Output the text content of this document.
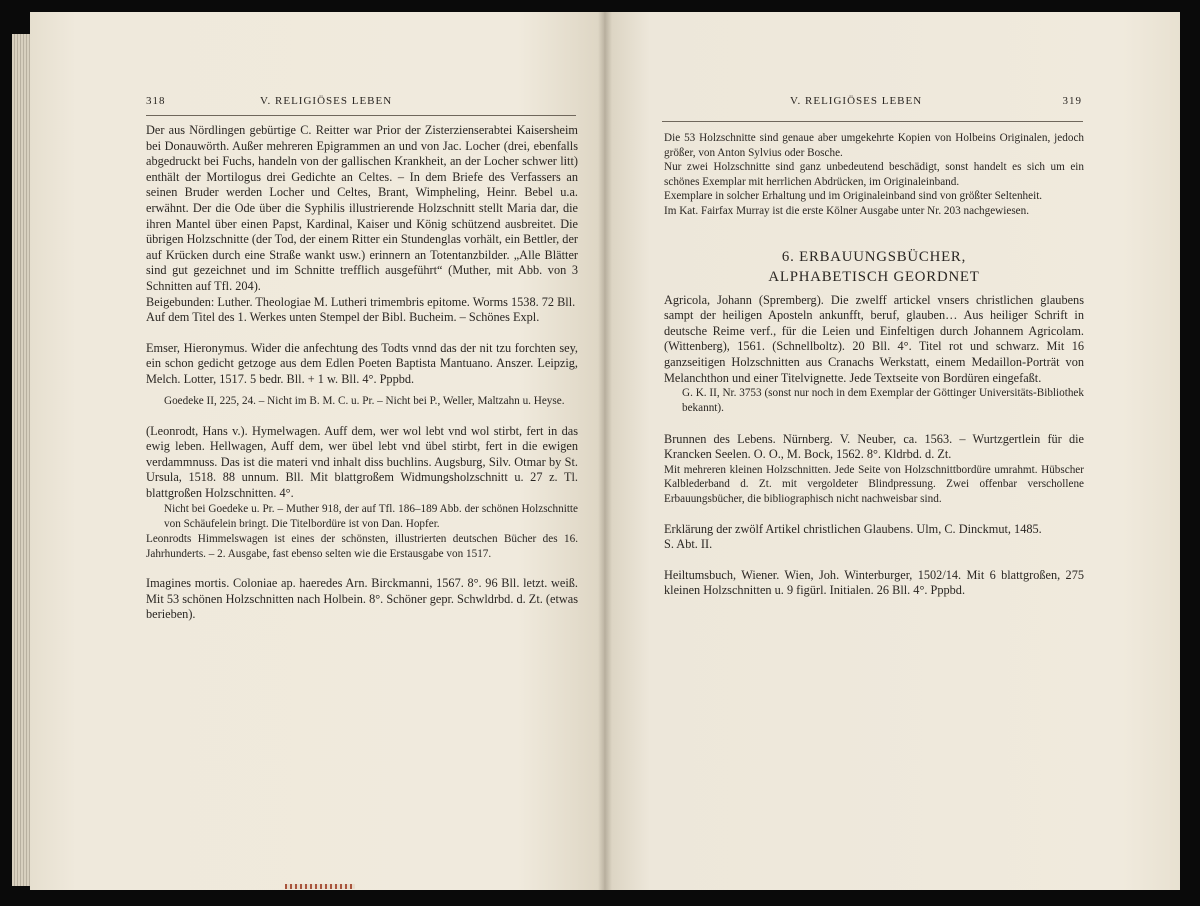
318	V. RELIGIÖSES LEBEN	V. RELIGIÖSES LEBEN	319

Der aus Nördlingen gebürtige C. Reitter war Prior der Zisterzienserabtei Kaisersheim bei Donauwörth. Außer mehreren Epigrammen an und von Jac. Locher (drei, ebenfalls abgedruckt bei Fuchs, handeln von der gallischen Krankheit, an der Locher schwer litt) enthält der Mortilogus drei Gedichte an Celtes. – In dem Briefe des Verfassers an seinen Bruder werden Locher und Celtes, Brant, Wimpheling, Heinr. Bebel u.a. erwähnt. Der die Ode über die Syphilis illustrierende Holzschnitt stellt Maria dar, die ihren Mantel über einen Papst, Kardinal, Kaiser und König schützend ausbreitet. Die übrigen Holzschnitte (der Tod, der einem Ritter ein Stundenglas vorhält, ein Bettler, der auf Krücken durch eine Straße wankt usw.) erinnern an Totentanzbilder. „Alle Blätter sind gut gezeichnet und im Schnitte trefflich ausgeführt“ (Muther, mit Abb. von 3 Schnitten auf Tfl. 204).

Beigebunden: Luther. Theologiae M. Lutheri trimembris epitome. Worms 1538. 72 Bll.

Auf dem Titel des 1. Werkes unten Stempel der Bibl. Bucheim. – Schönes Expl.

Emser, Hieronymus. Wider die anfechtung des Todts vnnd das der nit tzu forchten sey, ein schon gedicht getzoge aus dem Edlen Poeten Baptista Mantuano. Anszer. Leipzig, Melch. Lotter, 1517. 5 bedr. Bll. + 1 w. Bll. 4°. Pppbd.

Goedeke II, 225, 24. – Nicht im B. M. C. u. Pr. – Nicht bei P., Weller, Maltzahn u. Heyse.

(Leonrodt, Hans v.). Hymelwagen. Auff dem, wer wol lebt vnd wol stirbt, fert in das ewig leben. Hellwagen, Auff dem, wer übel lebt vnd übel stirbt, fert in die ewigen verdammnuss. Das ist die materi vnd inhalt diss buchlins. Augsburg, Silv. Otmar by St. Ursula, 1518. 88 unnum. Bll. Mit blattgroßem Widmungsholzschnitt u. 27 z. Tl. blattgroßen Holzschnitten. 4°.

Nicht bei Goedeke u. Pr. – Muther 918, der auf Tfl. 186–189 Abb. der schönen Holzschnitte von Schäufelein bringt. Die Titelbordüre ist von Dan. Hopfer.

Leonrodts Himmelswagen ist eines der schönsten, illustrierten deutschen Bücher des 16. Jahrhunderts. – 2. Ausgabe, fast ebenso selten wie die Erstausgabe von 1517.

Imagines mortis. Coloniae ap. haeredes Arn. Birckmanni, 1567. 8°. 96 Bll. letzt. weiß. Mit 53 schönen Holzschnitten nach Holbein. 8°. Schöner gepr. Schwldrbd. d. Zt. (etwas berieben).

Die 53 Holzschnitte sind genaue aber umgekehrte Kopien von Holbeins Originalen, jedoch größer, von Anton Sylvius oder Bosche.

Nur zwei Holzschnitte sind ganz unbedeutend beschädigt, sonst handelt es sich um ein schönes Exemplar mit herrlichen Abdrücken, im Originaleinband.

Exemplare in solcher Erhaltung und im Originaleinband sind von größter Seltenheit.

Im Kat. Fairfax Murray ist die erste Kölner Ausgabe unter Nr. 203 nachgewiesen.

6. ERBAUUNGSBÜCHER,

ALPHABETISCH GEORDNET

Agricola, Johann (Spremberg). Die zwelff artickel vnsers christlichen glaubens sampt der heiligen Aposteln ankunfft, beruf, glauben… Aus heiliger Schrift in deutsche Reime verf., für die Leien und Einfeltigen durch Johannem Agricolam. (Wittenberg), 1561. (Schnellboltz). 20 Bll. 4°. Titel rot und schwarz. Mit 16 ganzseitigen Holzschnitten aus Cranachs Werkstatt, einem Medaillon-Porträt von Melanchthon und einer Titelvignette. Jede Textseite von Bordüren eingefaßt.

G. K. II, Nr. 3753 (sonst nur noch in dem Exemplar der Göttinger Universitäts-Bibliothek bekannt).

Brunnen des Lebens. Nürnberg. V. Neuber, ca. 1563. – Wurtzgertlein für die Krancken Seelen. O. O., M. Bock, 1562. 8°. Kldrbd. d. Zt.

Mit mehreren kleinen Holzschnitten. Jede Seite von Holzschnittbordüre umrahmt. Hübscher Kalblederband d. Zt. mit vergoldeter Blindpressung. Zwei offenbar verschollene Erbauungsbücher, die bibliographisch nicht nachweisbar sind.

Erklärung der zwölf Artikel christlichen Glaubens. Ulm, C. Dinckmut, 1485.

S. Abt. II.

Heiltumsbuch, Wiener. Wien, Joh. Winterburger, 1502/14. Mit 6 blattgroßen, 275 kleinen Holzschnitten u. 9 figürl. Initialen. 26 Bll. 4°. Pppbd.
